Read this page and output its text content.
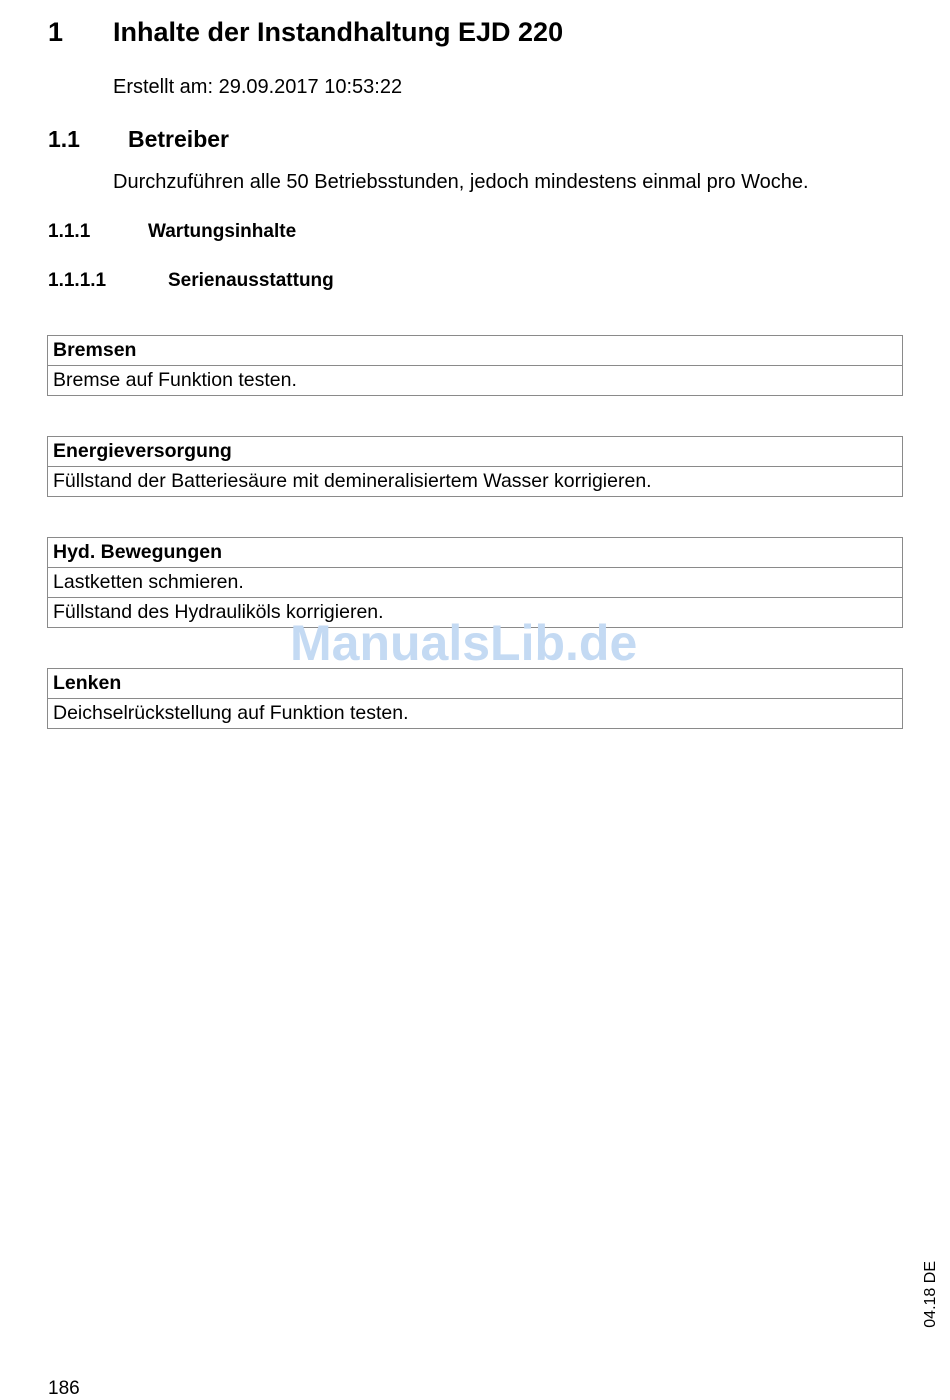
1 Inhalte der Instandhaltung EJD 220
Erstellt am: 29.09.2017 10:53:22
1.1 Betreiber
Durchzuführen alle 50 Betriebsstunden, jedoch mindestens einmal pro Woche.
1.1.1	Wartungsinhalte
1.1.1.1	Serienausstattung
Bremsen
Bremse auf Funktion testen.
Energieversorgung
Füllstand der Batteriesäure mit demineralisiertem Wasser korrigieren.
Hyd. Bewegungen
Lastketten schmieren.
Füllstand des Hydrauliköls korrigieren.
Lenken
Deichselrückstellung auf Funktion testen.
ManualsLib.de
04.18 DE
186
